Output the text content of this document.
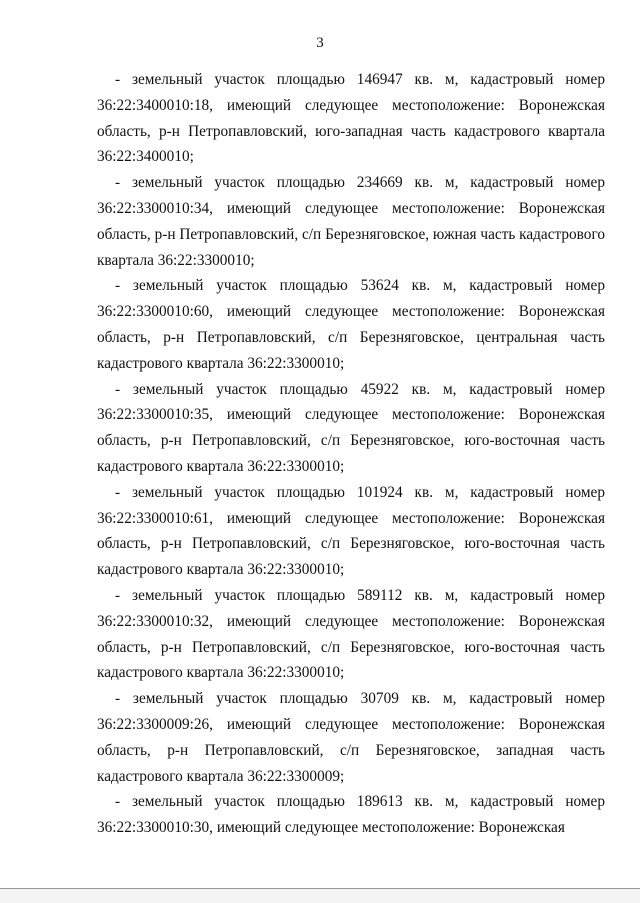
3

- земельный участок площадью 146947 кв. м, кадастровый номер 36:22:3400010:18, имеющий следующее местоположение: Воронежская область, р-н Петропавловский, юго-западная часть кадастрового квартала 36:22:3400010;

- земельный участок площадью 234669 кв. м, кадастровый номер 36:22:3300010:34, имеющий следующее местоположение: Воронежская область, р-н Петропавловский, с/п Березняговское, южная часть кадастрового квартала 36:22:3300010;

- земельный участок площадью 53624 кв. м, кадастровый номер 36:22:3300010:60, имеющий следующее местоположение: Воронежская область, р-н Петропавловский, с/п Березняговское, центральная часть кадастрового квартала 36:22:3300010;

- земельный участок площадью 45922 кв. м, кадастровый номер 36:22:3300010:35, имеющий следующее местоположение: Воронежская область, р-н Петропавловский, с/п Березняговское, юго-восточная часть кадастрового квартала 36:22:3300010;

- земельный участок площадью 101924 кв. м, кадастровый номер 36:22:3300010:61, имеющий следующее местоположение: Воронежская область, р-н Петропавловский, с/п Березняговское, юго-восточная часть кадастрового квартала 36:22:3300010;

- земельный участок площадью 589112 кв. м, кадастровый номер 36:22:3300010:32, имеющий следующее местоположение: Воронежская область, р-н Петропавловский, с/п Березняговское, юго-восточная часть кадастрового квартала 36:22:3300010;

- земельный участок площадью 30709 кв. м, кадастровый номер 36:22:3300009:26, имеющий следующее местоположение: Воронежская область, р-н Петропавловский, с/п Березняговское, западная часть кадастрового квартала 36:22:3300009;

- земельный участок площадью 189613 кв. м, кадастровый номер 36:22:3300010:30, имеющий следующее местоположение: Воронежская
